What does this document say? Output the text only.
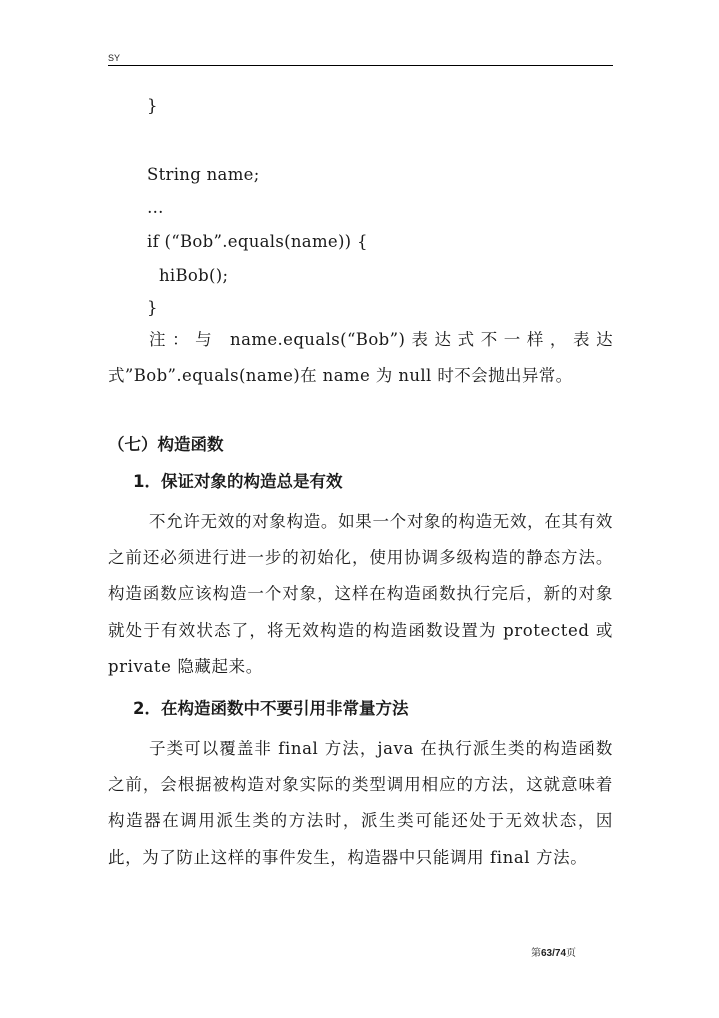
SY
}
String name;
…
if (“Bob”.equals(name)) {
hiBob();
}

注：与 name.equals(“Bob”)表达式不一样，表达式”Bob”.equals(name)在 name 为 null 时不会抛出异常。

（七）构造函数
1．保证对象的构造总是有效

不允许无效的对象构造。如果一个对象的构造无效，在其有效之前还必须进行进一步的初始化，使用协调多级构造的静态方法。构造函数应该构造一个对象，这样在构造函数执行完后，新的对象就处于有效状态了，将无效构造的构造函数设置为 protected 或 private 隐藏起来。

2．在构造函数中不要引用非常量方法

子类可以覆盖非 final 方法，java 在执行派生类的构造函数之前，会根据被构造对象实际的类型调用相应的方法，这就意味着构造器在调用派生类的方法时，派生类可能还处于无效状态，因此，为了防止这样的事件发生，构造器中只能调用 final 方法。

第63/74页
